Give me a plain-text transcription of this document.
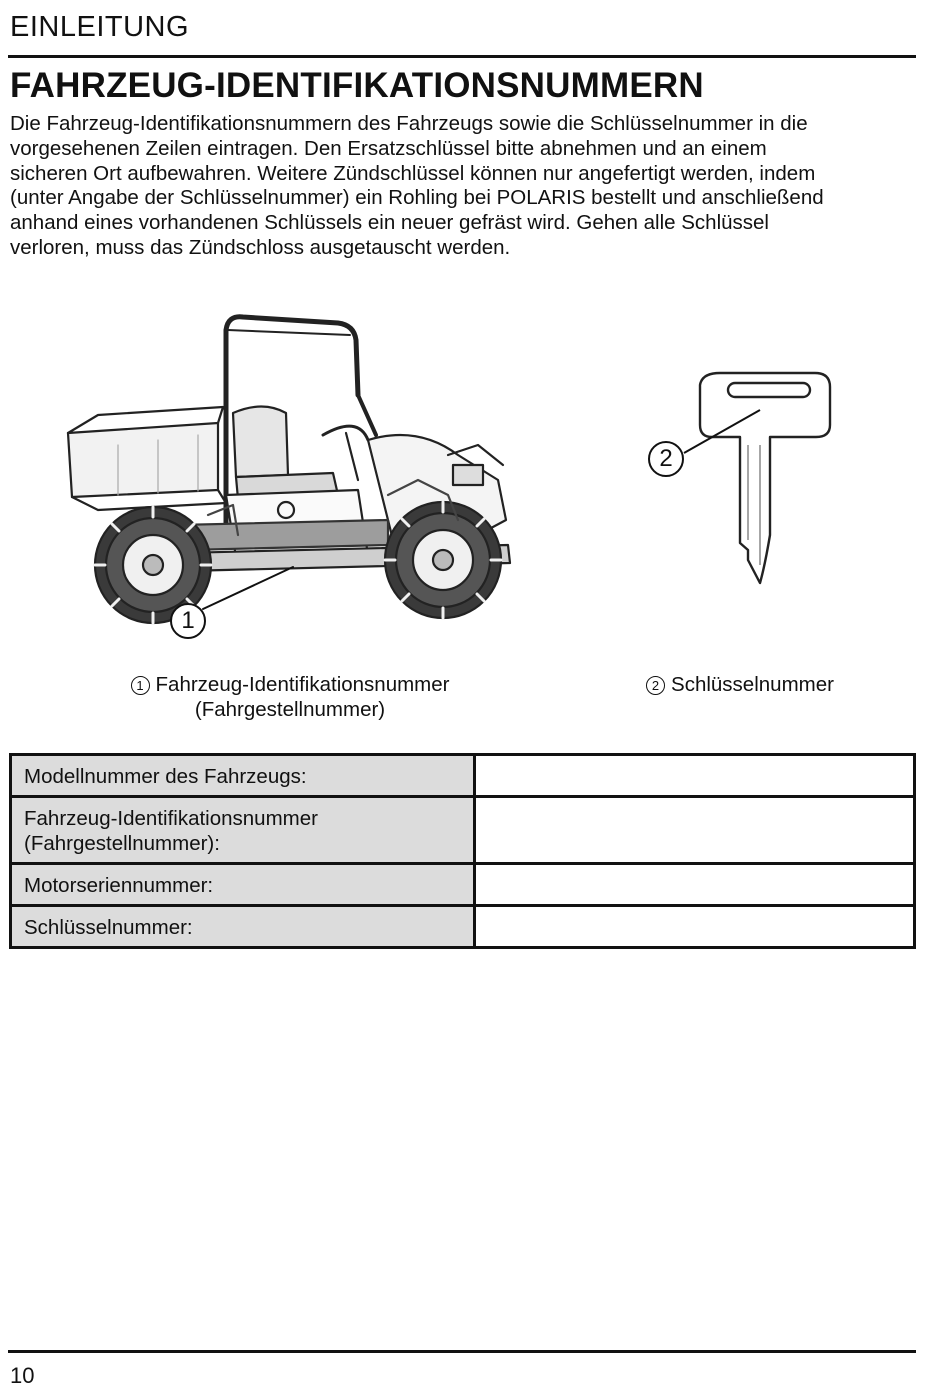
EINLEITUNG
FAHRZEUG-IDENTIFIKATIONSNUMMERN

Die Fahrzeug-Identifikationsnummern des Fahrzeugs sowie die Schlüsselnummer in die
vorgesehenen Zeilen eintragen. Den Ersatzschlüssel bitte abnehmen und an einem
sicheren Ort aufbewahren. Weitere Zündschlüssel können nur angefertigt werden, indem
(unter Angabe der Schlüsselnummer) ein Rohling bei POLARIS bestellt und anschließend
anhand eines vorhandenen Schlüssels ein neuer gefräst wird. Gehen alle Schlüssel
verloren, muss das Zündschloss ausgetauscht werden.

1
2
1 Fahrzeug-Identifikationsnummer
(Fahrgestellnummer)
2 Schlüsselnummer
Modellnummer des Fahrzeugs:	
Fahrzeug-Identifikationsnummer
(Fahrgestellnummer):	
Motorseriennummer:	
Schlüsselnummer:	
10
